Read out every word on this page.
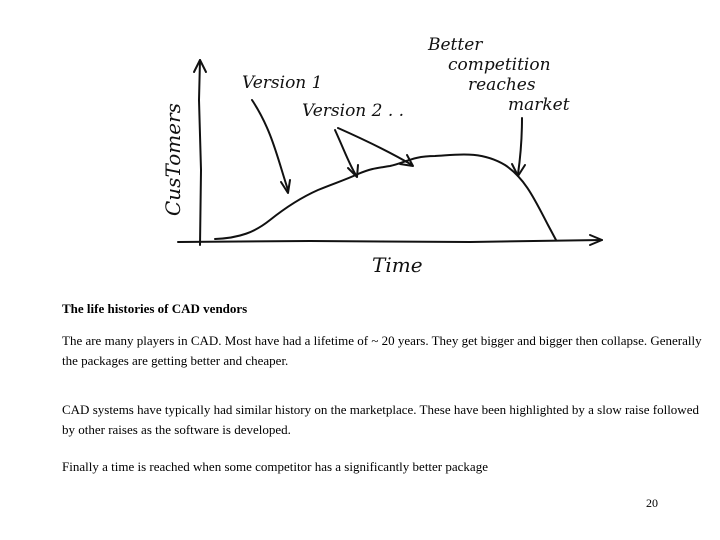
CusTomers
Time
Version 1
Version 2 . .
Better
competition
reaches
market

The life histories of CAD vendors

The are many players in CAD. Most have had a lifetime of ~ 20 years. They get bigger and bigger then collapse. Generally the packages are getting better and cheaper.

CAD systems have typically had similar history on the marketplace. These have been highlighted by a slow raise followed by other raises as the software is developed.

Finally a time is reached when some competitor has a significantly better package

20
